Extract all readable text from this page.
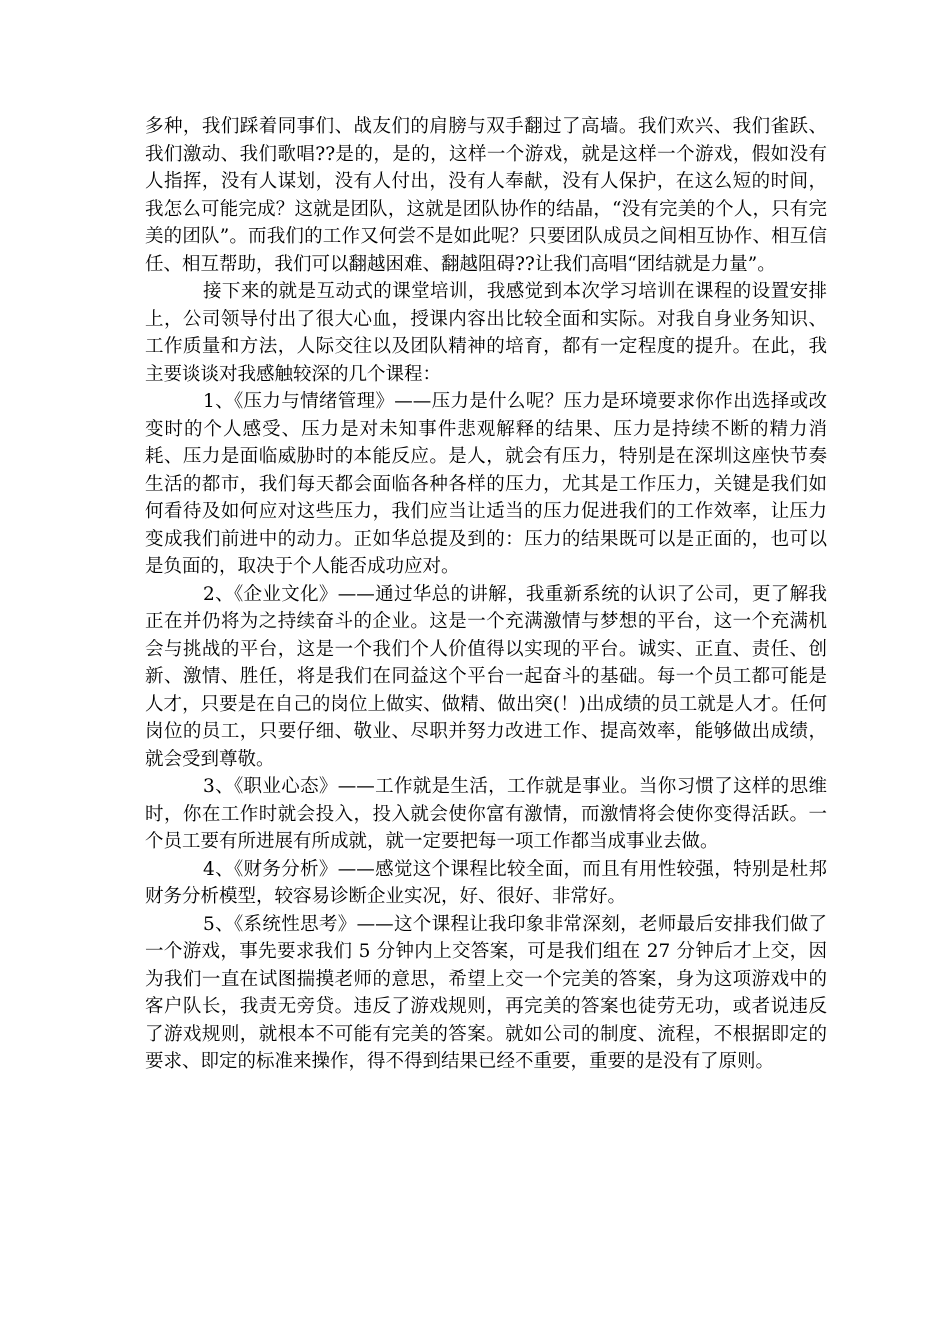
多种，我们踩着同事们、战友们的肩膀与双手翻过了高墙。我们欢兴、我们雀跃、我们激动、我们歌唱??是的，是的，这样一个游戏，就是这样一个游戏，假如没有人指挥，没有人谋划，没有人付出，没有人奉献，没有人保护，在这么短的时间，我怎么可能完成？这就是团队，这就是团队协作的结晶，“没有完美的个人，只有完美的团队”。而我们的工作又何尝不是如此呢？只要团队成员之间相互协作、相互信任、相互帮助，我们可以翻越困难、翻越阻碍??让我们高唱“团结就是力量”。

接下来的就是互动式的课堂培训，我感觉到本次学习培训在课程的设置安排上，公司领导付出了很大心血，授课内容出比较全面和实际。对我自身业务知识、工作质量和方法，人际交往以及团队精神的培育，都有一定程度的提升。在此，我主要谈谈对我感触较深的几个课程：

1、《压力与情绪管理》——压力是什么呢？压力是环境要求你作出选择或改变时的个人感受、压力是对未知事件悲观解释的结果、压力是持续不断的精力消耗、压力是面临威胁时的本能反应。是人，就会有压力，特别是在深圳这座快节奏生活的都市，我们每天都会面临各种各样的压力，尤其是工作压力，关键是我们如何看待及如何应对这些压力，我们应当让适当的压力促进我们的工作效率，让压力变成我们前进中的动力。正如华总提及到的：压力的结果既可以是正面的，也可以是负面的，取决于个人能否成功应对。

2、《企业文化》——通过华总的讲解，我重新系统的认识了公司，更了解我正在并仍将为之持续奋斗的企业。这是一个充满激情与梦想的平台，这一个充满机会与挑战的平台，这是一个我们个人价值得以实现的平台。诚实、正直、责任、创新、激情、胜任，将是我们在同益这个平台一起奋斗的基础。每一个员工都可能是人才，只要是在自己的岗位上做实、做精、做出突(！)出成绩的员工就是人才。任何岗位的员工，只要仔细、敬业、尽职并努力改进工作、提高效率，能够做出成绩，就会受到尊敬。

3、《职业心态》——工作就是生活，工作就是事业。当你习惯了这样的思维时，你在工作时就会投入，投入就会使你富有激情，而激情将会使你变得活跃。一个员工要有所进展有所成就，就一定要把每一项工作都当成事业去做。

4、《财务分析》——感觉这个课程比较全面，而且有用性较强，特别是杜邦财务分析模型，较容易诊断企业实况，好、很好、非常好。

5、《系统性思考》——这个课程让我印象非常深刻，老师最后安排我们做了一个游戏，事先要求我们 5 分钟内上交答案，可是我们组在 27 分钟后才上交，因为我们一直在试图揣摸老师的意思，希望上交一个完美的答案，身为这项游戏中的客户队长，我责无旁贷。违反了游戏规则，再完美的答案也徒劳无功，或者说违反了游戏规则，就根本不可能有完美的答案。就如公司的制度、流程，不根据即定的要求、即定的标准来操作，得不得到结果已经不重要，重要的是没有了原则。
